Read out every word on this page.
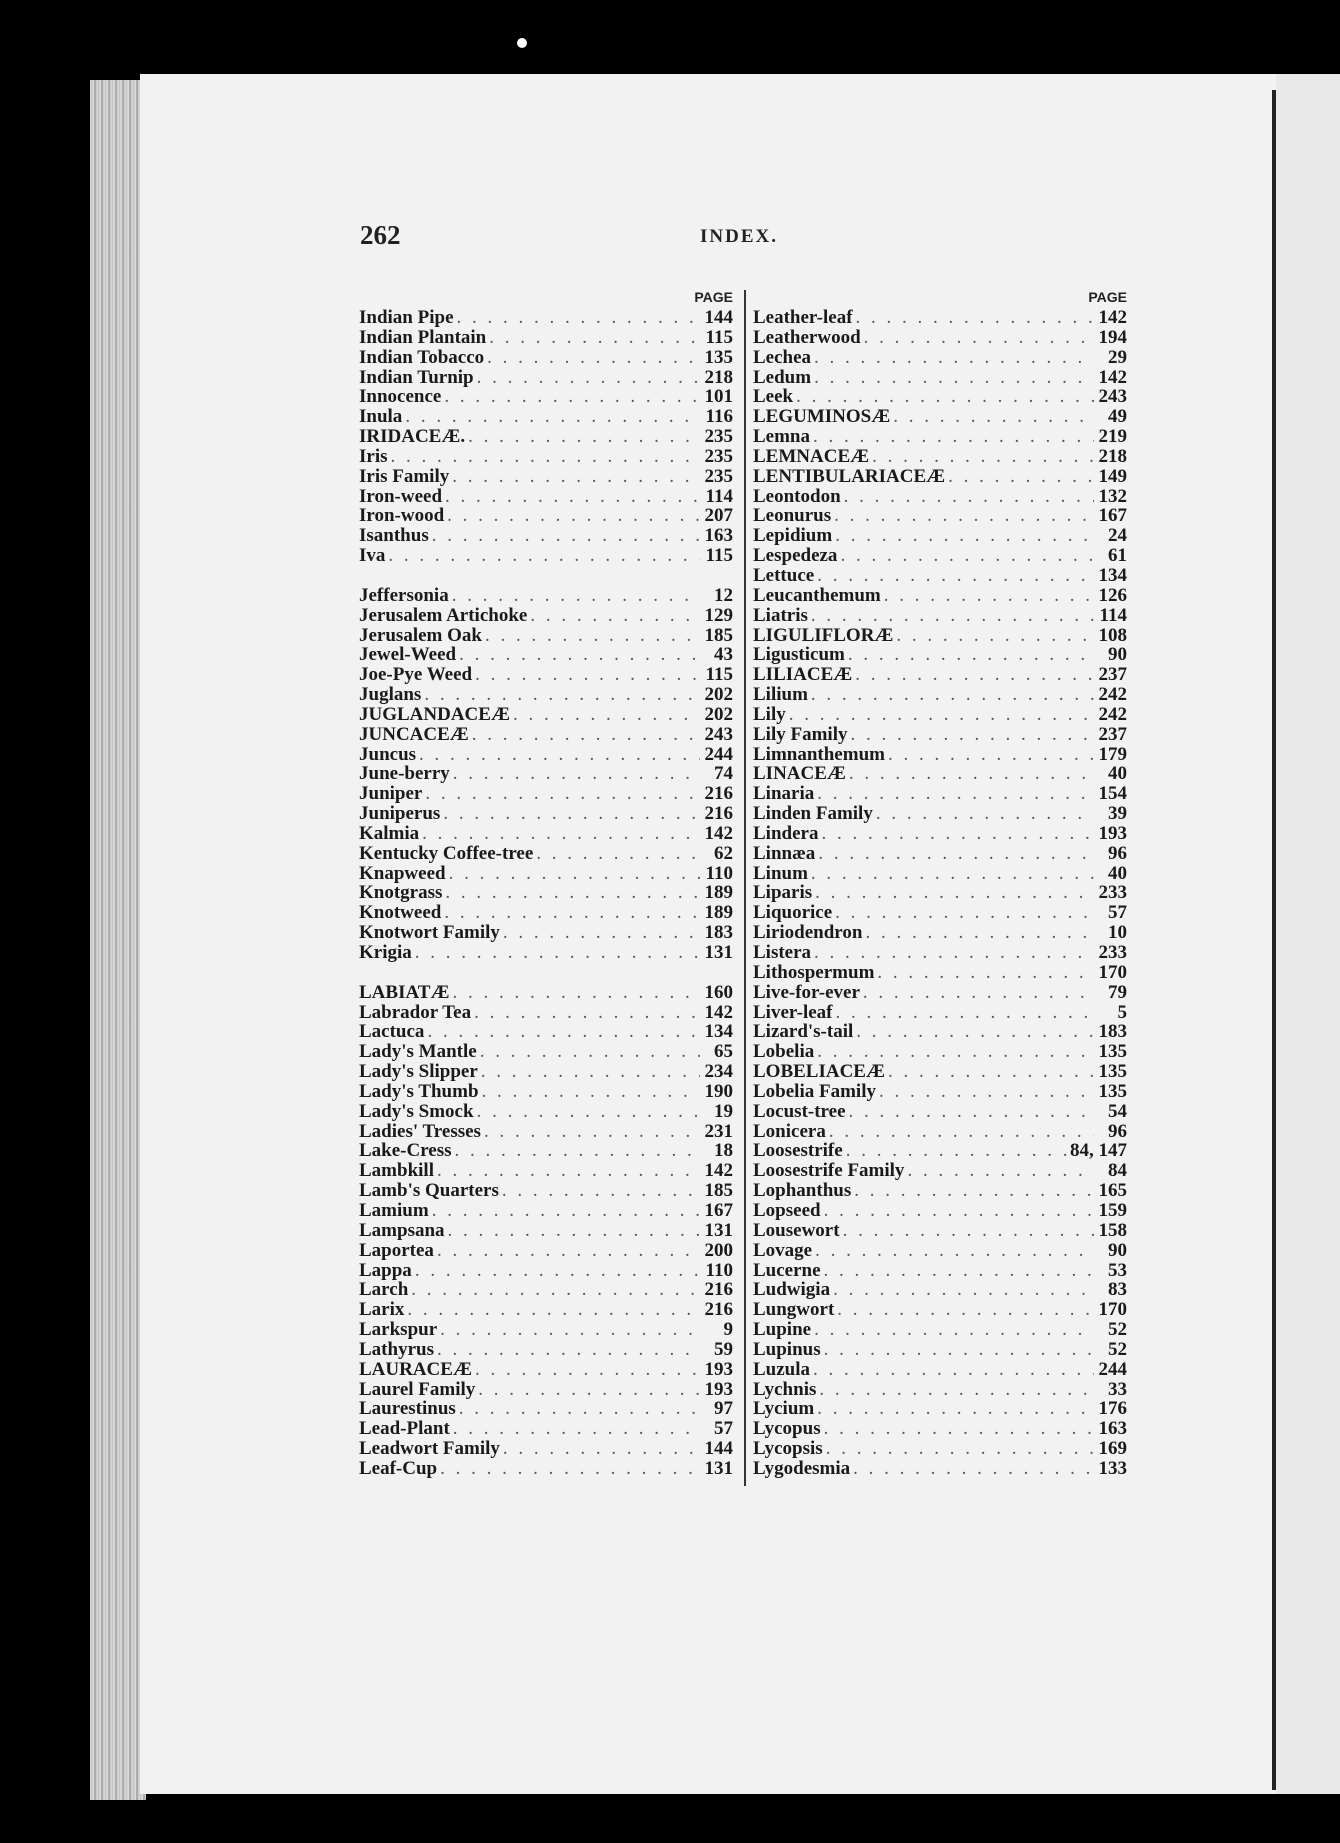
262	INDEX.
PAGE
Indian Pipe . . .	144
Indian Plantain . . .	115
Indian Tobacco . . .	135
Indian Turnip . . .	218
Innocence . . .	101
Inula . . .	116
IRIDACEÆ. . . .	235
Iris . . .	235
Iris Family . . .	235
Iron-weed . . .	114
Iron-wood . . .	207
Isanthus . . .	163
Iva . . .	115
Jeffersonia . . .	12
Jerusalem Artichoke . . .	129
Jerusalem Oak . . .	185
Jewel-Weed . . .	43
Joe-Pye Weed . . .	115
Juglans . . .	202
JUGLANDACEÆ . . .	202
JUNCACEÆ . . .	243
Juncus . . .	244
June-berry . . .	74
Juniper . . .	216
Juniperus . . .	216
Kalmia . . .	142
Kentucky Coffee-tree . . .	62
Knapweed . . .	110
Knotgrass . . .	189
Knotweed . . .	189
Knotwort Family . . .	183
Krigia . . .	131
LABIATÆ . . .	160
Labrador Tea . . .	142
Lactuca . . .	134
Lady's Mantle . . .	65
Lady's Slipper . . .	234
Lady's Thumb . . .	190
Lady's Smock . . .	19
Ladies' Tresses . . .	231
Lake-Cress . . .	18
Lambkill . . .	142
Lamb's Quarters . . .	185
Lamium . . .	167
Lampsana . . .	131
Laportea . . .	200
Lappa . . .	110
Larch . . .	216
Larix . . .	216
Larkspur . . .	9
Lathyrus . . .	59
LAURACEÆ . . .	193
Laurel Family . . .	193
Laurestinus . . .	97
Lead-Plant . . .	57
Leadwort Family . . .	144
Leaf-Cup . . .	131
PAGE
Leather-leaf . . .	142
Leatherwood . . .	194
Lechea . . .	29
Ledum . . .	142
Leek . . .	243
LEGUMINOSÆ . . .	49
Lemna . . .	219
LEMNACEÆ . . .	218
LENTIBULARIACEÆ . . .	149
Leontodon . . .	132
Leonurus . . .	167
Lepidium . . .	24
Lespedeza . . .	61
Lettuce . . .	134
Leucanthemum . . .	126
Liatris . . .	114
LIGULIFLORÆ . . .	108
Ligusticum . . .	90
LILIACEÆ . . .	237
Lilium . . .	242
Lily . . .	242
Lily Family . . .	237
Limnanthemum . . .	179
LINACEÆ . . .	40
Linaria . . .	154
Linden Family . . .	39
Lindera . . .	193
Linnæa . . .	96
Linum . . .	40
Liparis . . .	233
Liquorice . . .	57
Liriodendron . . .	10
Listera . . .	233
Lithospermum . . .	170
Live-for-ever . . .	79
Liver-leaf . . .	5
Lizard's-tail . . .	183
Lobelia . . .	135
LOBELIACEÆ . . .	135
Lobelia Family . . .	135
Locust-tree . . .	54
Lonicera . . .	96
Loosestrife . . .	84, 147
Loosestrife Family . . .	84
Lophanthus . . .	165
Lopseed . . .	159
Lousewort . . .	158
Lovage . . .	90
Lucerne . . .	53
Ludwigia . . .	83
Lungwort . . .	170
Lupine . . .	52
Lupinus . . .	52
Luzula . . .	244
Lychnis . . .	33
Lycium . . .	176
Lycopus . . .	163
Lycopsis . . .	169
Lygodesmia . . .	133
